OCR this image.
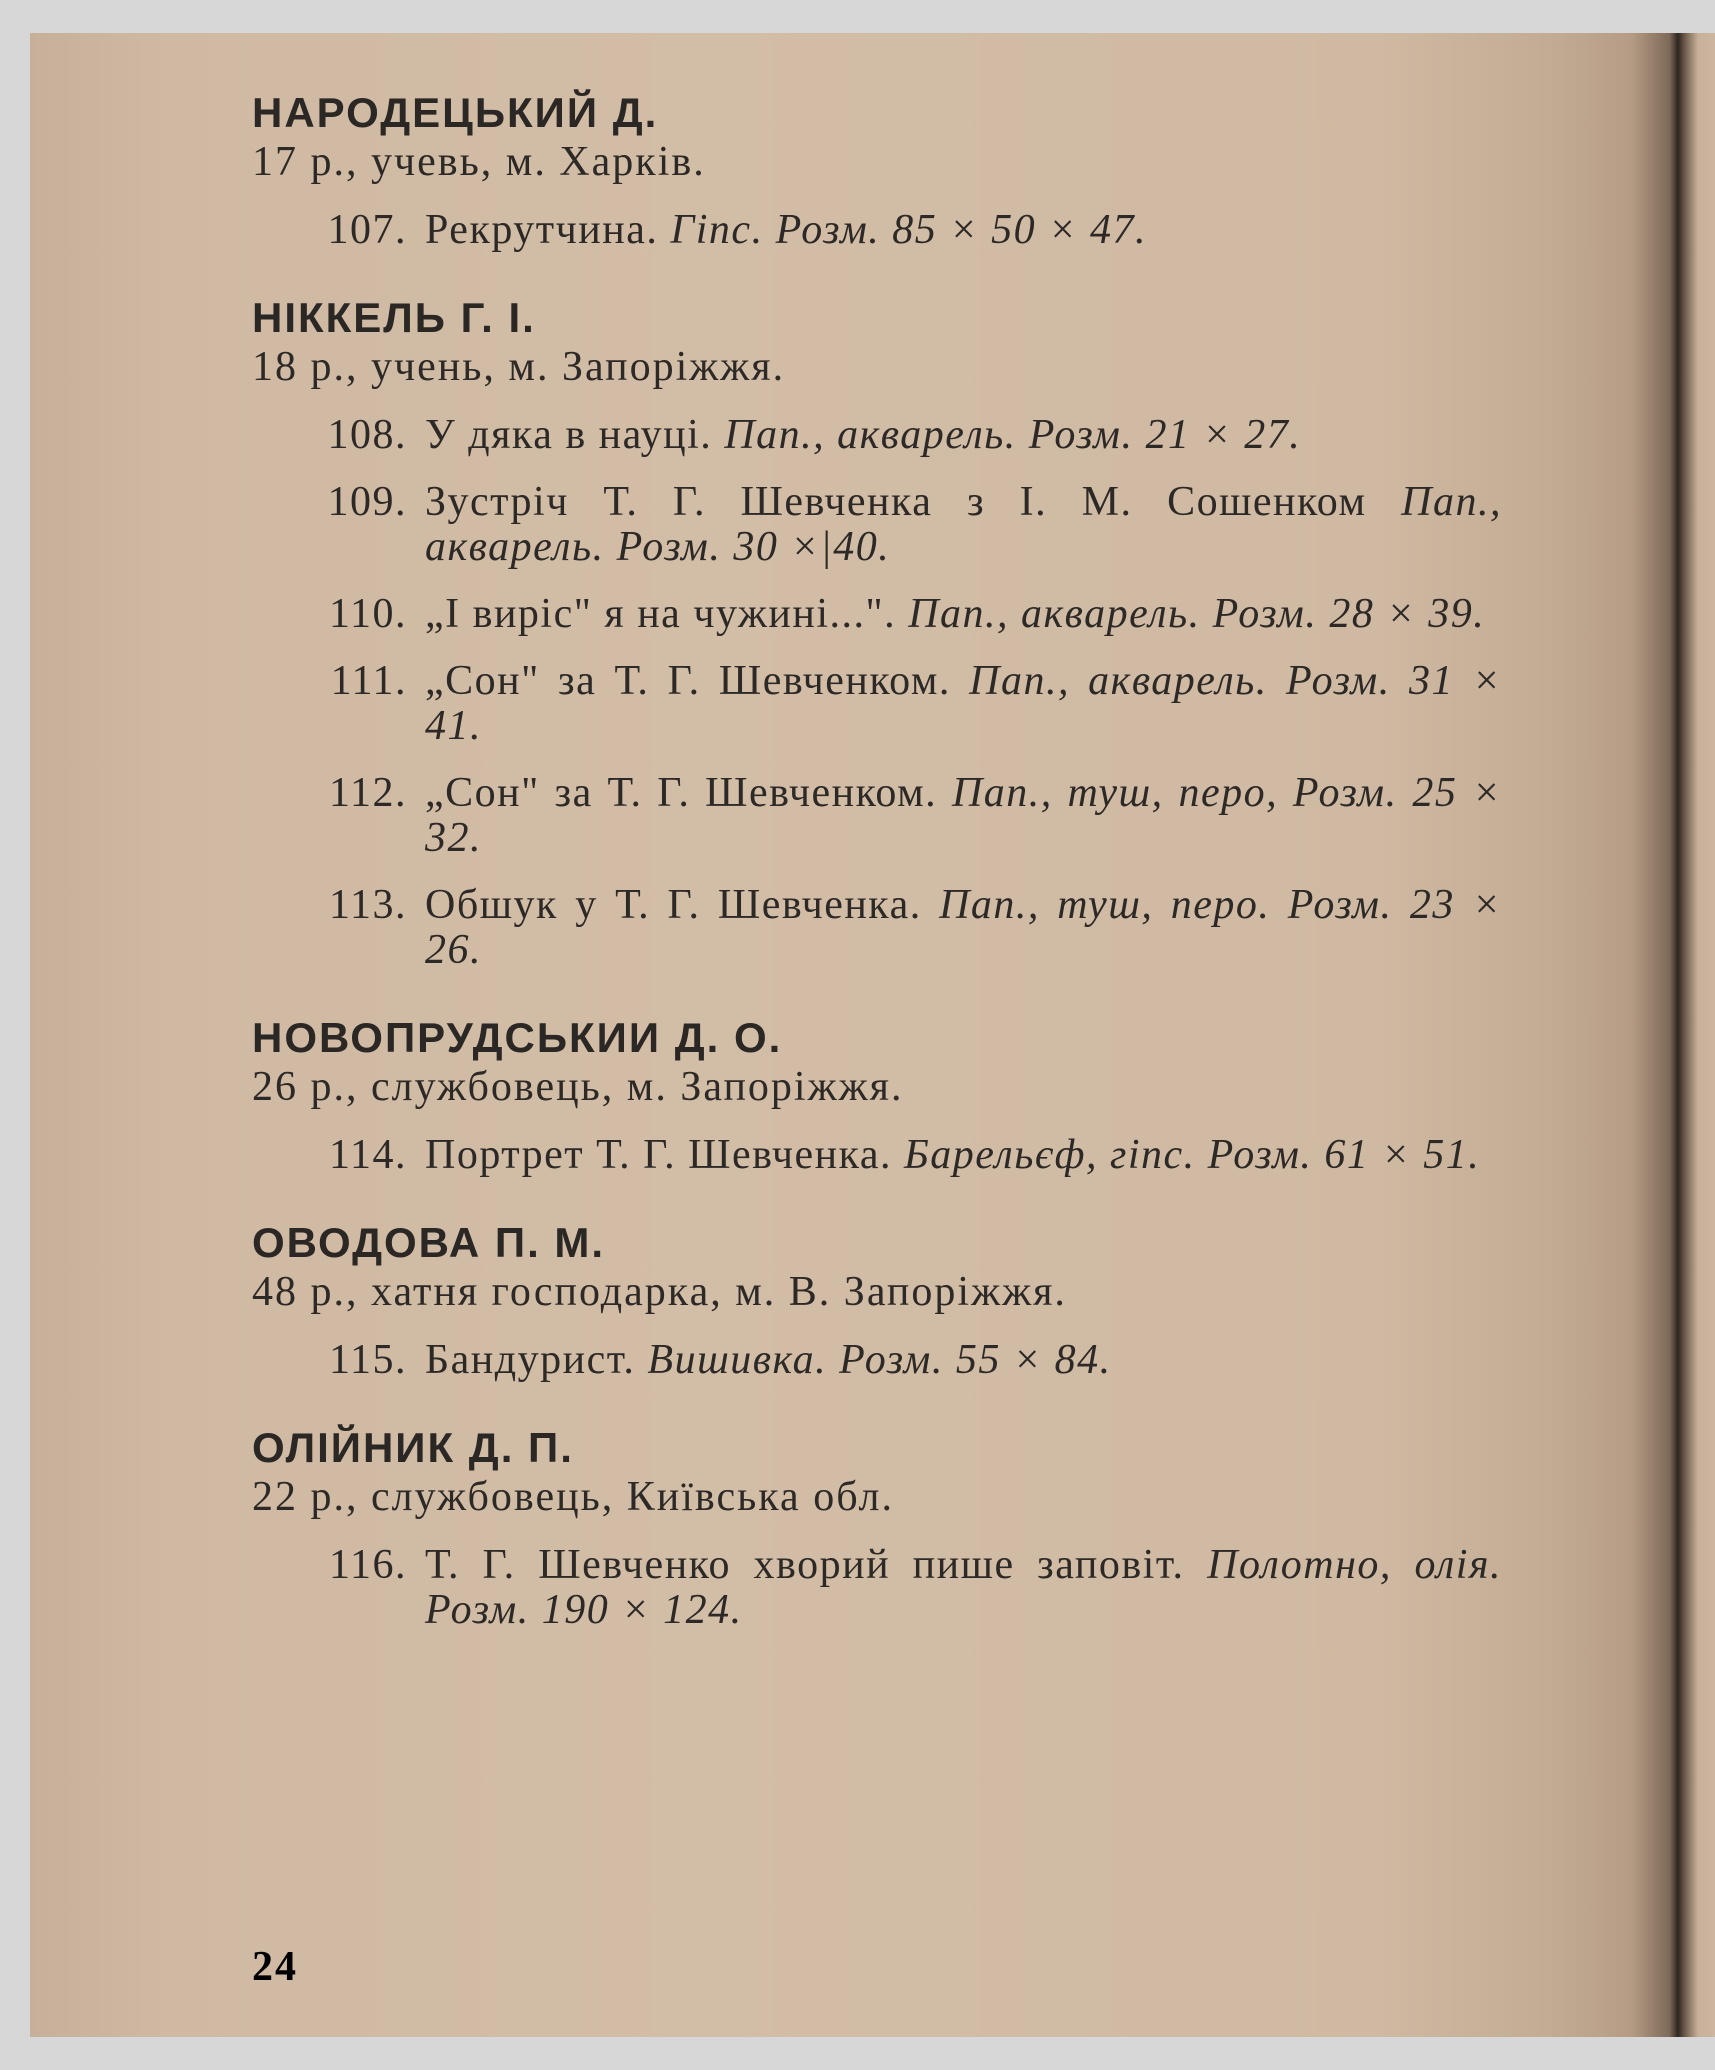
НАРОДЕЦЬКИЙ Д.
17 р., учевь, м. Харків.
107. Рекрутчина. Гіпс. Розм. 85 × 50 × 47.
НІККЕЛЬ Г. І.
18 р., учень, м. Запоріжжя.
108. У дяка в науці. Пап., акварель. Розм. 21 × 27.
109. Зустріч Т. Г. Шевченка з І. М. Сошенком Пап., акварель. Розм. 30 ×|40.
110. „І виріс" я на чужині...". Пап., акварель. Розм. 28 × 39.
111. „Сон" за Т. Г. Шевченком. Пап., акварель. Розм. 31 × 41.
112. „Сон" за Т. Г. Шевченком. Пап., туш, перо, Розм. 25 × 32.
113. Обшук у Т. Г. Шевченка. Пап., туш, перо. Розм. 23 × 26.
НОВОПРУДСЬКИИ Д. О.
26 р., службовець, м. Запоріжжя.
114. Портрет Т. Г. Шевченка. Барельєф, гіпс. Розм. 61 × 51.
ОВОДОВА П. М.
48 р., хатня господарка, м. В. Запоріжжя.
115. Бандурист. Вишивка. Розм. 55 × 84.
ОЛІЙНИК Д. П.
22 р., службовець, Київська обл.
116. Т. Г. Шевченко хворий пише заповіт. Полотно, олія. Розм. 190 × 124.
24
